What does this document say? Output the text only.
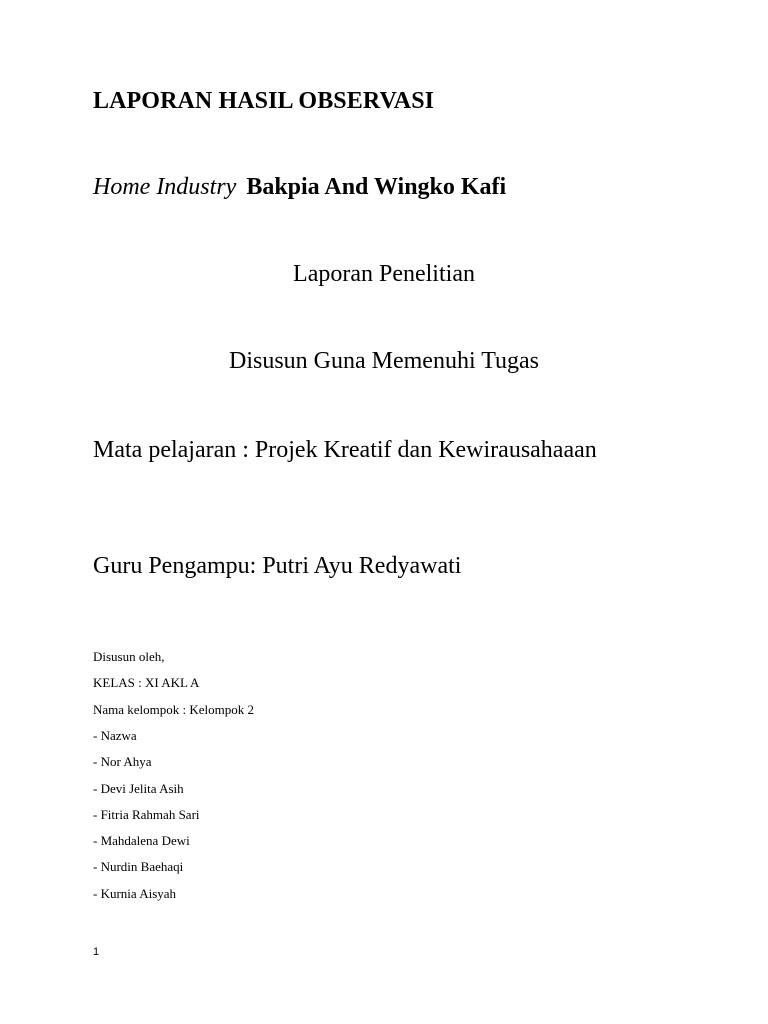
LAPORAN HASIL OBSERVASI
Home Industry Bakpia And Wingko Kafi

Laporan Penelitian

Disusun Guna Memenuhi Tugas

Mata pelajaran : Projek Kreatif dan Kewirausahaaan

Guru Pengampu: Putri Ayu Redyawati

Disusun oleh,

KELAS : XI AKL A

Nama kelompok : Kelompok 2

- Nazwa
- Nor Ahya
- Devi Jelita Asih
- Fitria Rahmah Sari
- Mahdalena Dewi
- Nurdin Baehaqi
- Kurnia Aisyah

1
